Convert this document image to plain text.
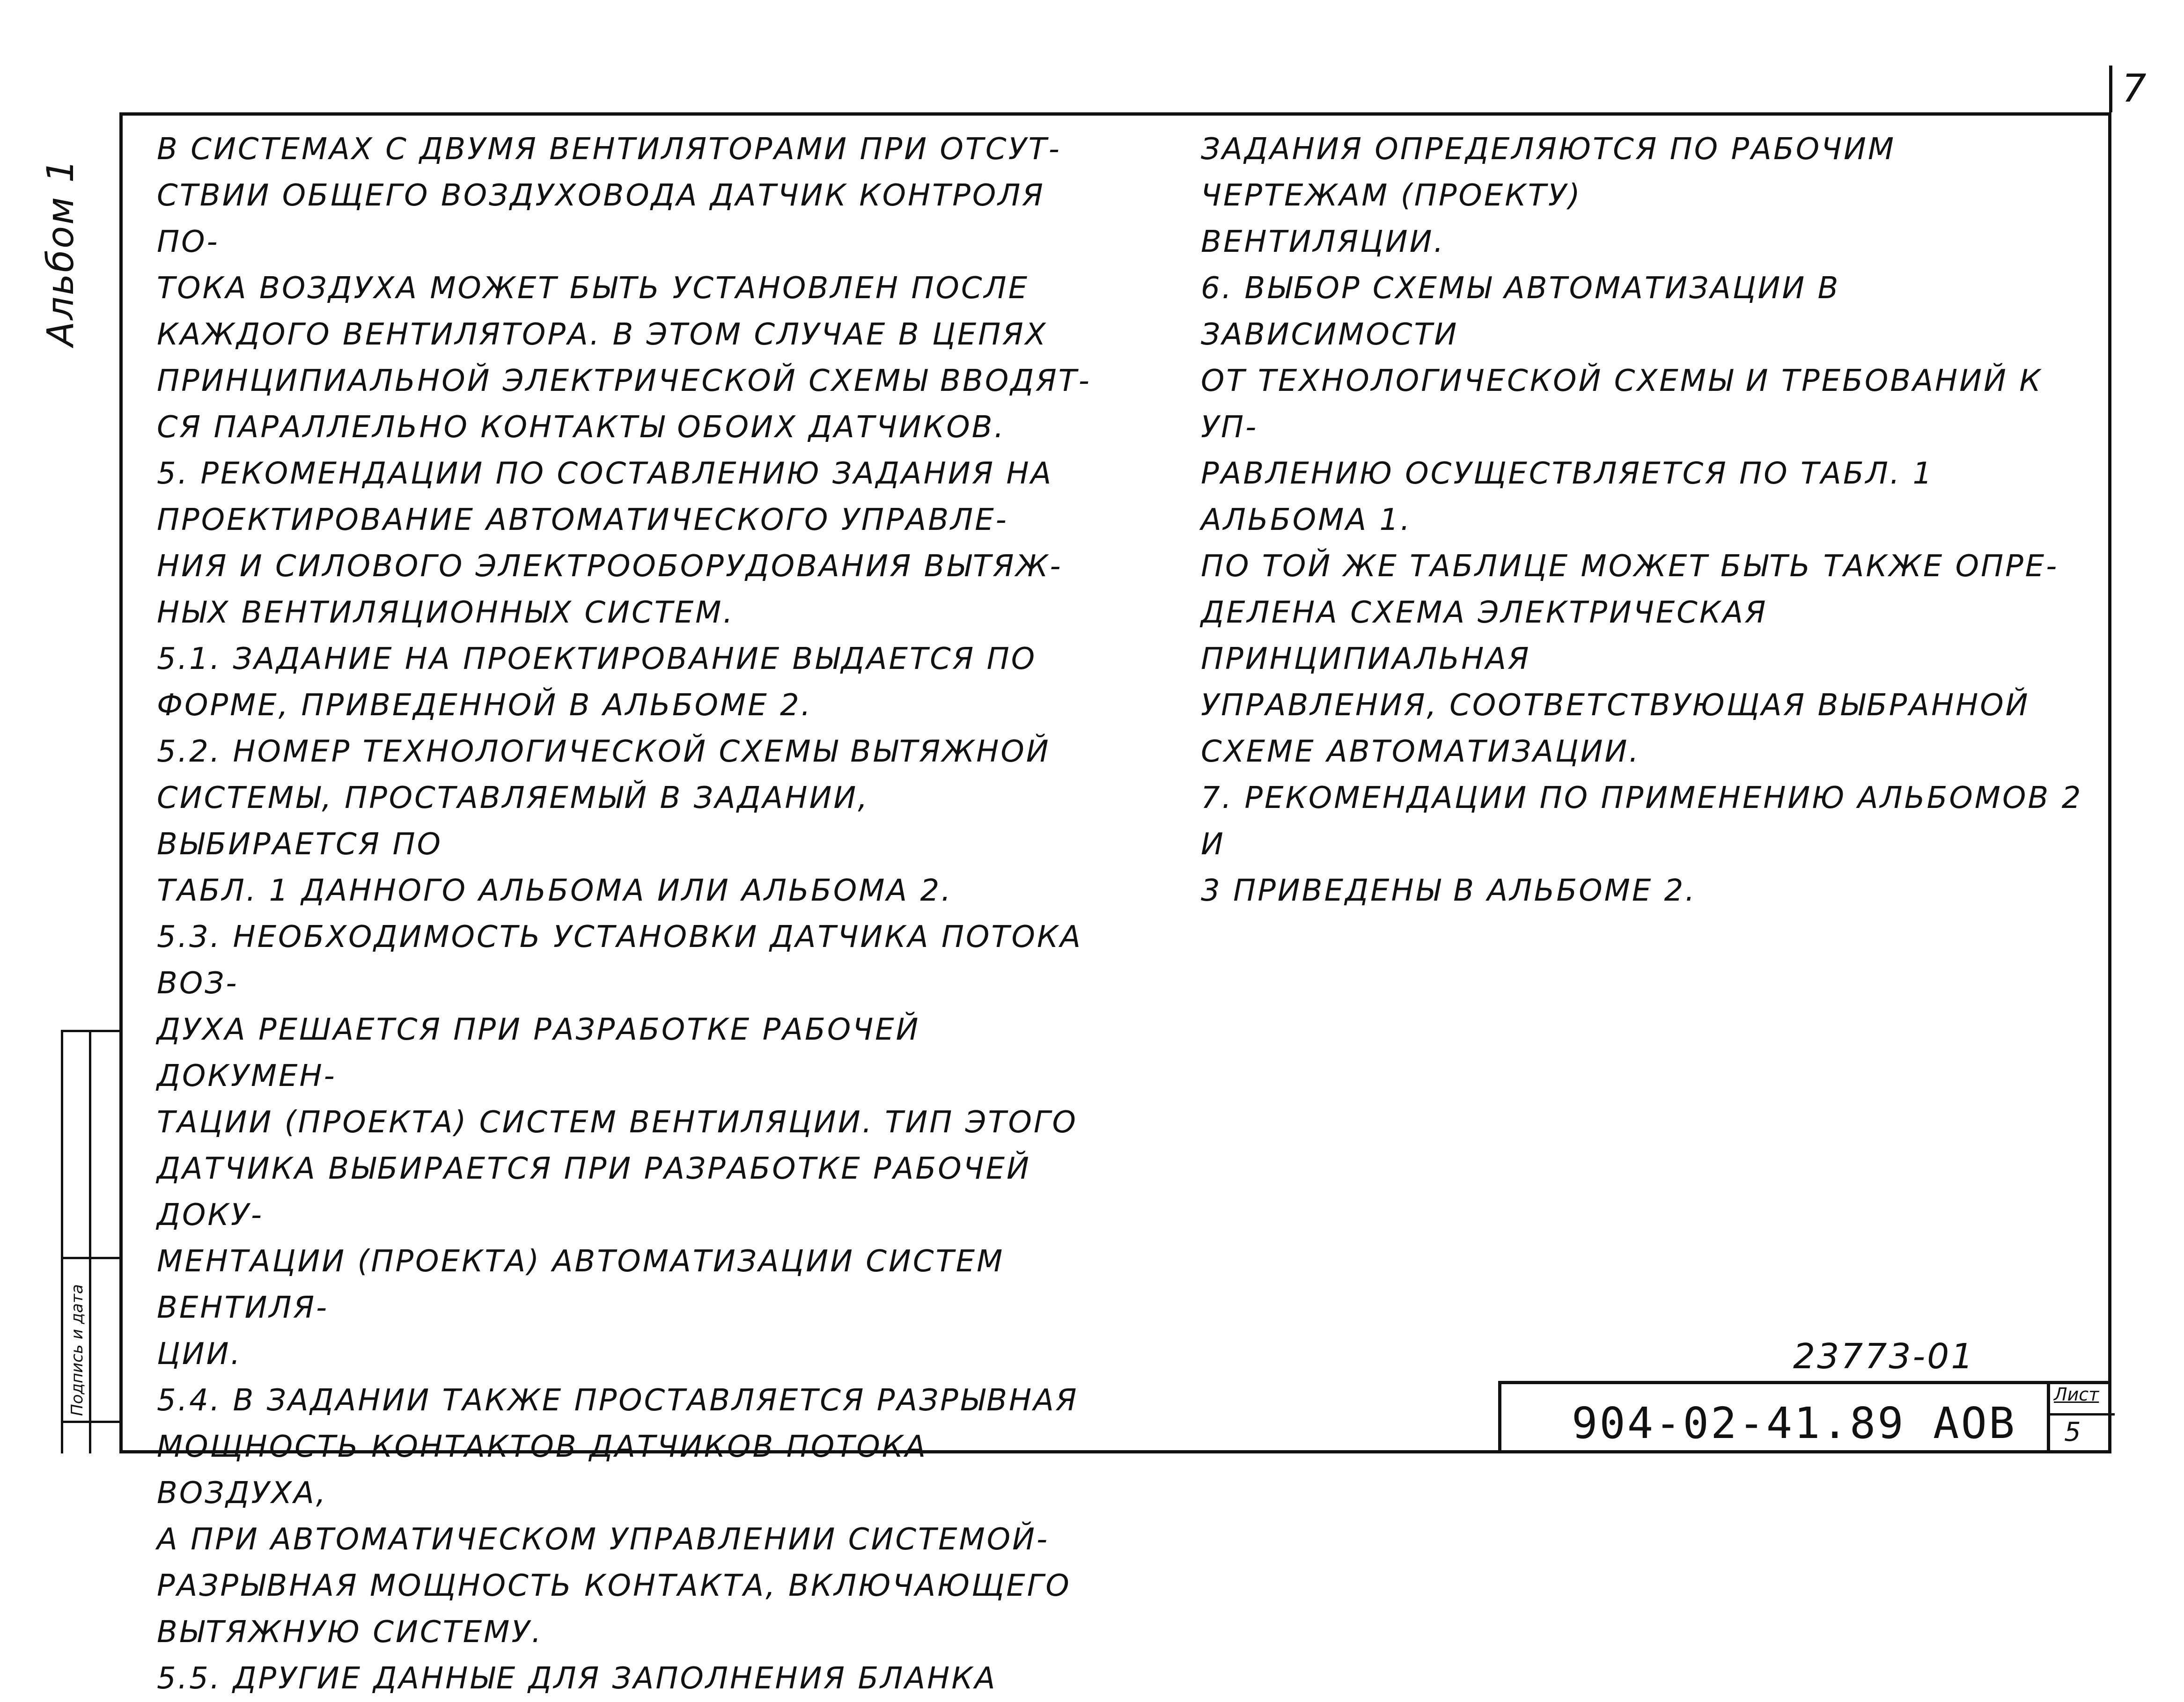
7
Альбом 1
Подпись и дата

В СИСТЕМАХ С ДВУМЯ ВЕНТИЛЯТОРАМИ ПРИ ОТСУТ-
СТВИИ ОБЩЕГО ВОЗДУХОВОДА ДАТЧИК КОНТРОЛЯ ПО-
ТОКА ВОЗДУХА МОЖЕТ БЫТЬ УСТАНОВЛЕН ПОСЛЕ
КАЖДОГО ВЕНТИЛЯТОРА. В ЭТОМ СЛУЧАЕ В ЦЕПЯХ
ПРИНЦИПИАЛЬНОЙ ЭЛЕКТРИЧЕСКОЙ СХЕМЫ ВВОДЯТ-
СЯ ПАРАЛЛЕЛЬНО КОНТАКТЫ ОБОИХ ДАТЧИКОВ.

5. РЕКОМЕНДАЦИИ ПО СОСТАВЛЕНИЮ ЗАДАНИЯ НА
ПРОЕКТИРОВАНИЕ АВТОМАТИЧЕСКОГО УПРАВЛЕ-
НИЯ И СИЛОВОГО ЭЛЕКТРООБОРУДОВАНИЯ ВЫТЯЖ-
НЫХ ВЕНТИЛЯЦИОННЫХ СИСТЕМ.

5.1. ЗАДАНИЕ НА ПРОЕКТИРОВАНИЕ ВЫДАЕТСЯ ПО
ФОРМЕ, ПРИВЕДЕННОЙ В АЛЬБОМЕ 2.

5.2. НОМЕР ТЕХНОЛОГИЧЕСКОЙ СХЕМЫ ВЫТЯЖНОЙ
СИСТЕМЫ, ПРОСТАВЛЯЕМЫЙ В ЗАДАНИИ, ВЫБИРАЕТСЯ ПО
ТАБЛ. 1 ДАННОГО АЛЬБОМА ИЛИ АЛЬБОМА 2.

5.3. НЕОБХОДИМОСТЬ УСТАНОВКИ ДАТЧИКА ПОТОКА ВОЗ-
ДУХА РЕШАЕТСЯ ПРИ РАЗРАБОТКЕ РАБОЧЕЙ ДОКУМЕН-
ТАЦИИ (ПРОЕКТА) СИСТЕМ ВЕНТИЛЯЦИИ. ТИП ЭТОГО
ДАТЧИКА ВЫБИРАЕТСЯ ПРИ РАЗРАБОТКЕ РАБОЧЕЙ ДОКУ-
МЕНТАЦИИ (ПРОЕКТА) АВТОМАТИЗАЦИИ СИСТЕМ ВЕНТИЛЯ-
ЦИИ.

5.4. В ЗАДАНИИ ТАКЖЕ ПРОСТАВЛЯЕТСЯ РАЗРЫВНАЯ
МОЩНОСТЬ КОНТАКТОВ ДАТЧИКОВ ПОТОКА ВОЗДУХА,
А ПРИ АВТОМАТИЧЕСКОМ УПРАВЛЕНИИ СИСТЕМОЙ-
РАЗРЫВНАЯ МОЩНОСТЬ КОНТАКТА, ВКЛЮЧАЮЩЕГО
ВЫТЯЖНУЮ СИСТЕМУ.

5.5. ДРУГИЕ ДАННЫЕ ДЛЯ ЗАПОЛНЕНИЯ БЛАНКА

ЗАДАНИЯ ОПРЕДЕЛЯЮТСЯ ПО РАБОЧИМ ЧЕРТЕЖАМ (ПРОЕКТУ)
ВЕНТИЛЯЦИИ.

6. ВЫБОР СХЕМЫ АВТОМАТИЗАЦИИ В ЗАВИСИМОСТИ
ОТ ТЕХНОЛОГИЧЕСКОЙ СХЕМЫ И ТРЕБОВАНИЙ К УП-
РАВЛЕНИЮ ОСУЩЕСТВЛЯЕТСЯ ПО ТАБЛ. 1 АЛЬБОМА 1.
ПО ТОЙ ЖЕ ТАБЛИЦЕ МОЖЕТ БЫТЬ ТАКЖЕ ОПРЕ-
ДЕЛЕНА СХЕМА ЭЛЕКТРИЧЕСКАЯ ПРИНЦИПИАЛЬНАЯ
УПРАВЛЕНИЯ, СООТВЕТСТВУЮЩАЯ ВЫБРАННОЙ
СХЕМЕ АВТОМАТИЗАЦИИ.

7. РЕКОМЕНДАЦИИ ПО ПРИМЕНЕНИЮ АЛЬБОМОВ 2 И
3 ПРИВЕДЕНЫ В АЛЬБОМЕ 2.

23773-01
904-02-41.89 АОВ
Лист
5
